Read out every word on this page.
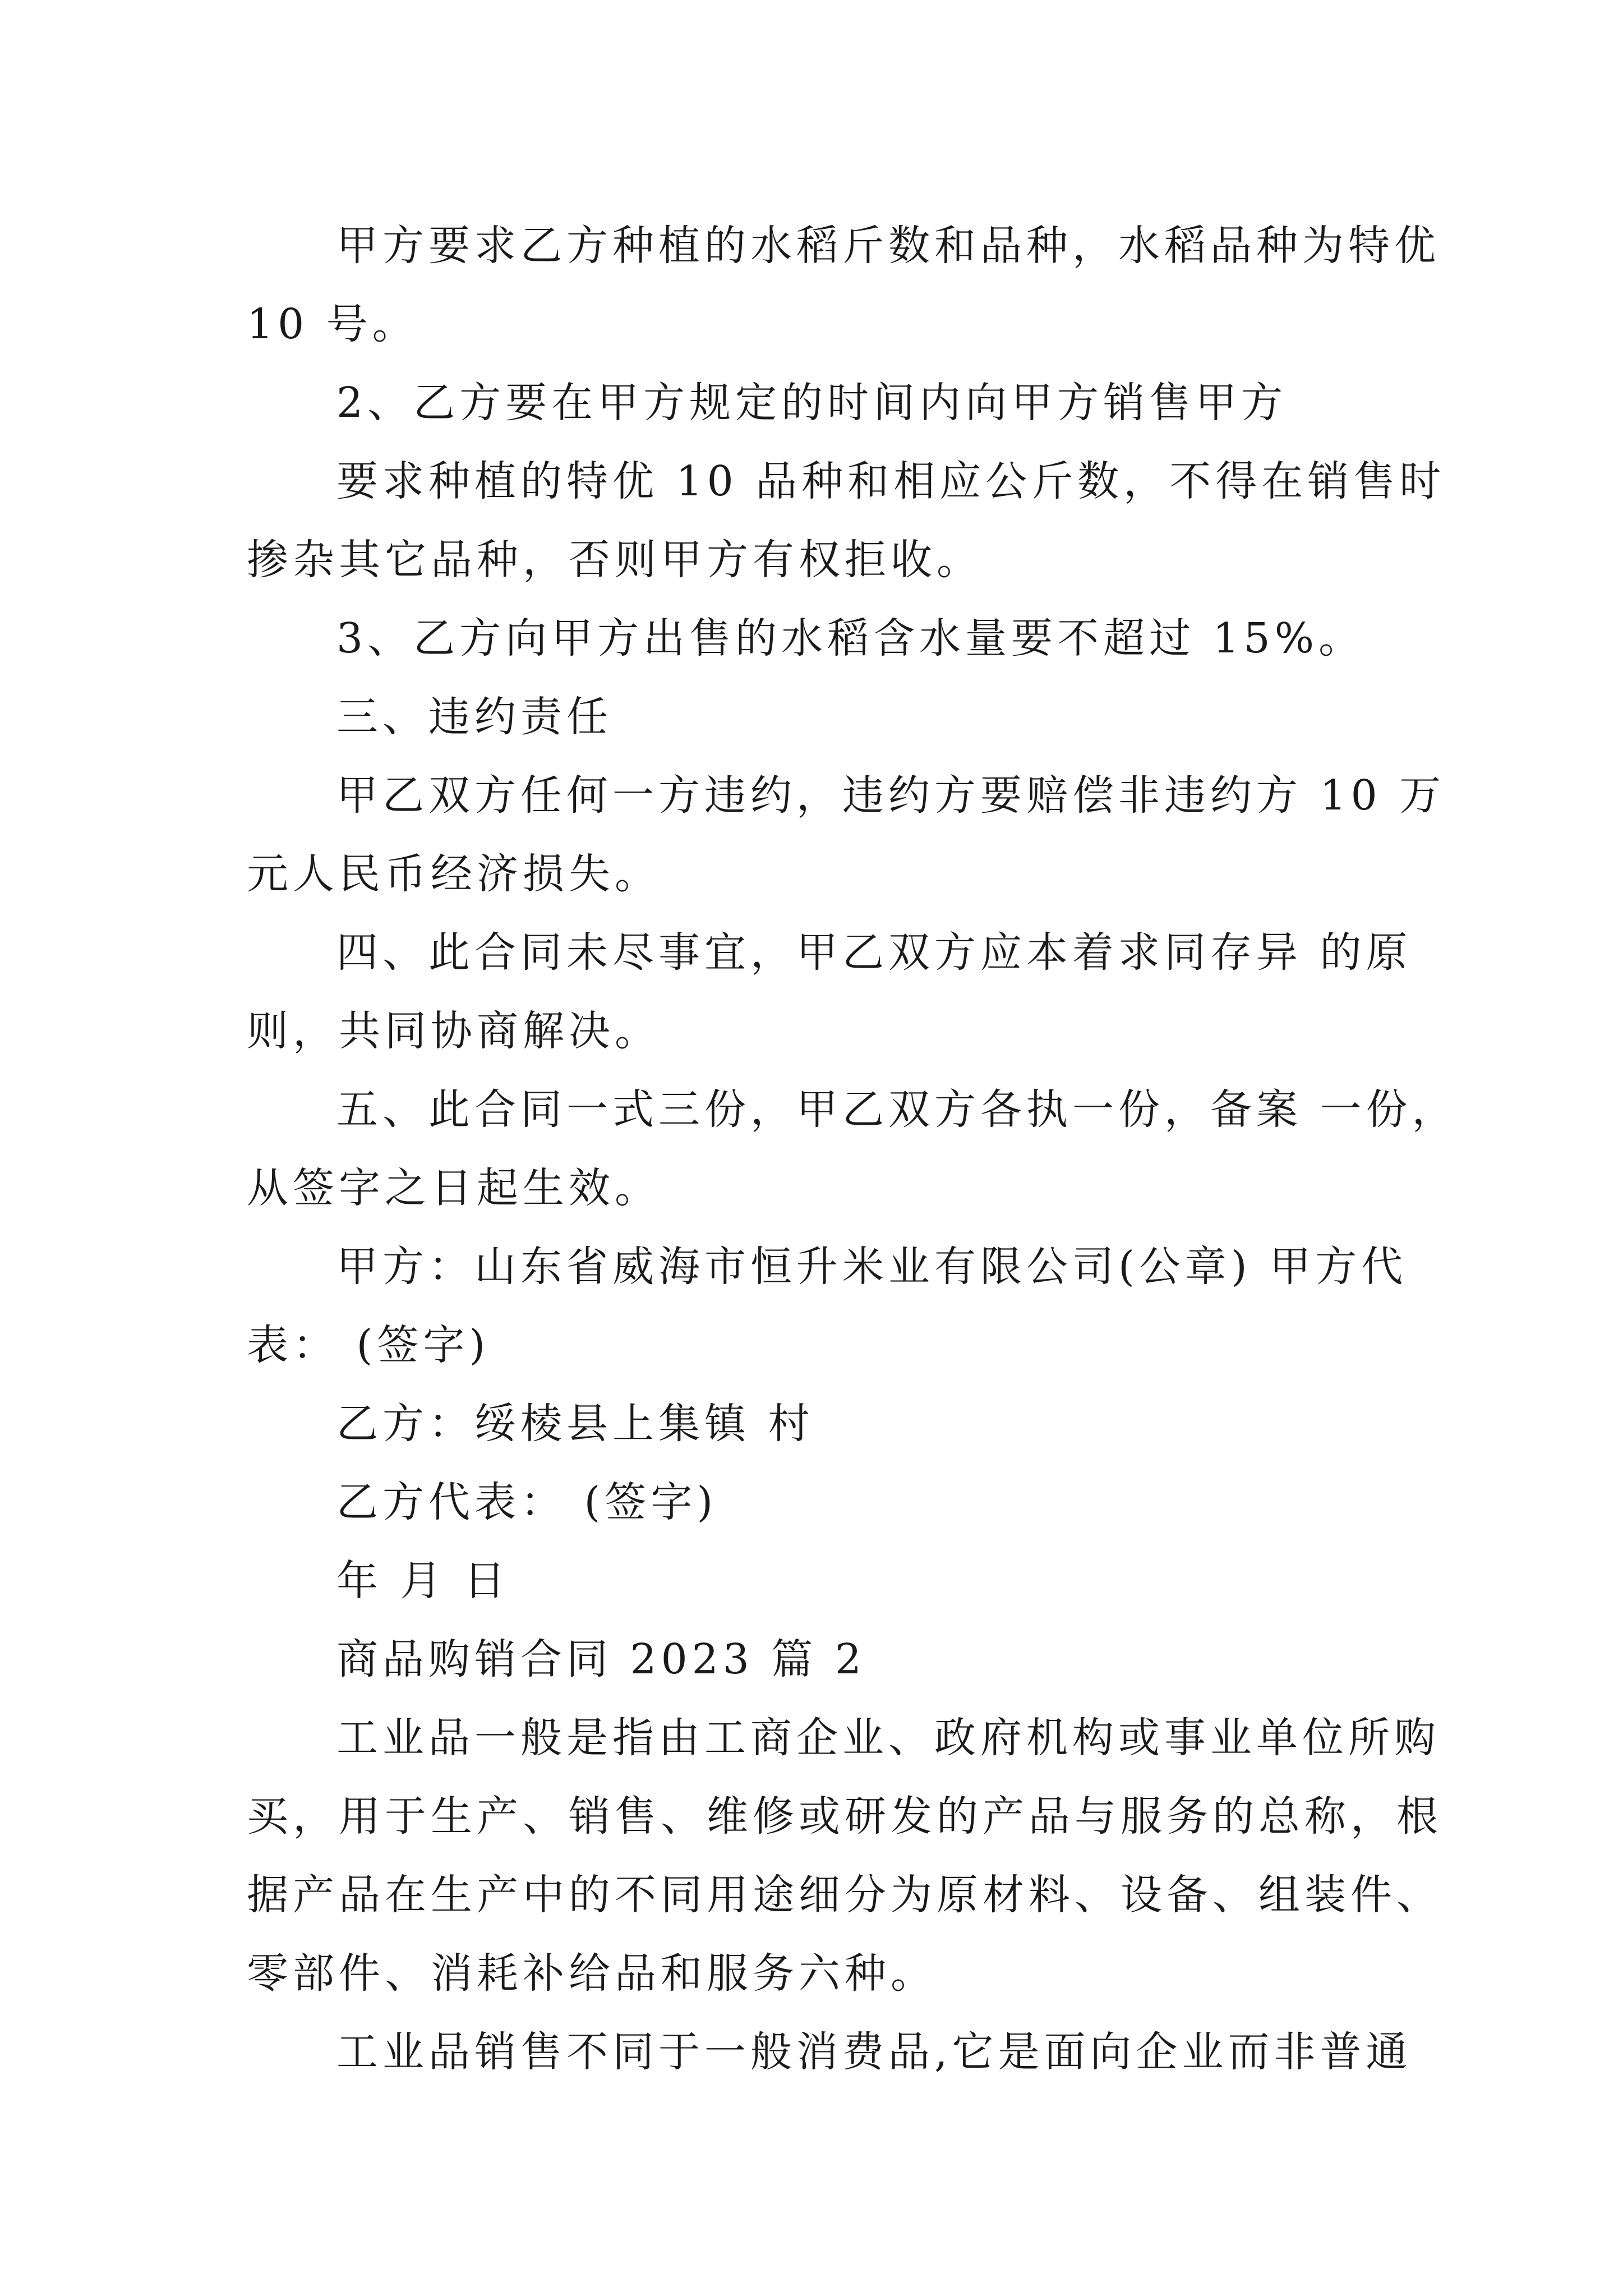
甲方要求乙方种植的水稻斤数和品种，水稻品种为特优
10 号。
2、乙方要在甲方规定的时间内向甲方销售甲方
要求种植的特优 10 品种和相应公斤数，不得在销售时
掺杂其它品种，否则甲方有权拒收。
3、乙方向甲方出售的水稻含水量要不超过 15%。
三、违约责任
甲乙双方任何一方违约，违约方要赔偿非违约方 10 万
元人民币经济损失。
四、此合同未尽事宜，甲乙双方应本着求同存异 的原
则，共同协商解决。
五、此合同一式三份，甲乙双方各执一份，备案 一份，
从签字之日起生效。
甲方：山东省威海市恒升米业有限公司(公章) 甲方代
表： (签字)
乙方：绥棱县上集镇 村
乙方代表： (签字)
年 月 日
商品购销合同 2023 篇 2
工业品一般是指由工商企业、政府机构或事业单位所购
买，用于生产、销售、维修或研发的产品与服务的总称，根
据产品在生产中的不同用途细分为原材料、设备、组装件、
零部件、消耗补给品和服务六种。
工业品销售不同于一般消费品,它是面向企业而非普通
